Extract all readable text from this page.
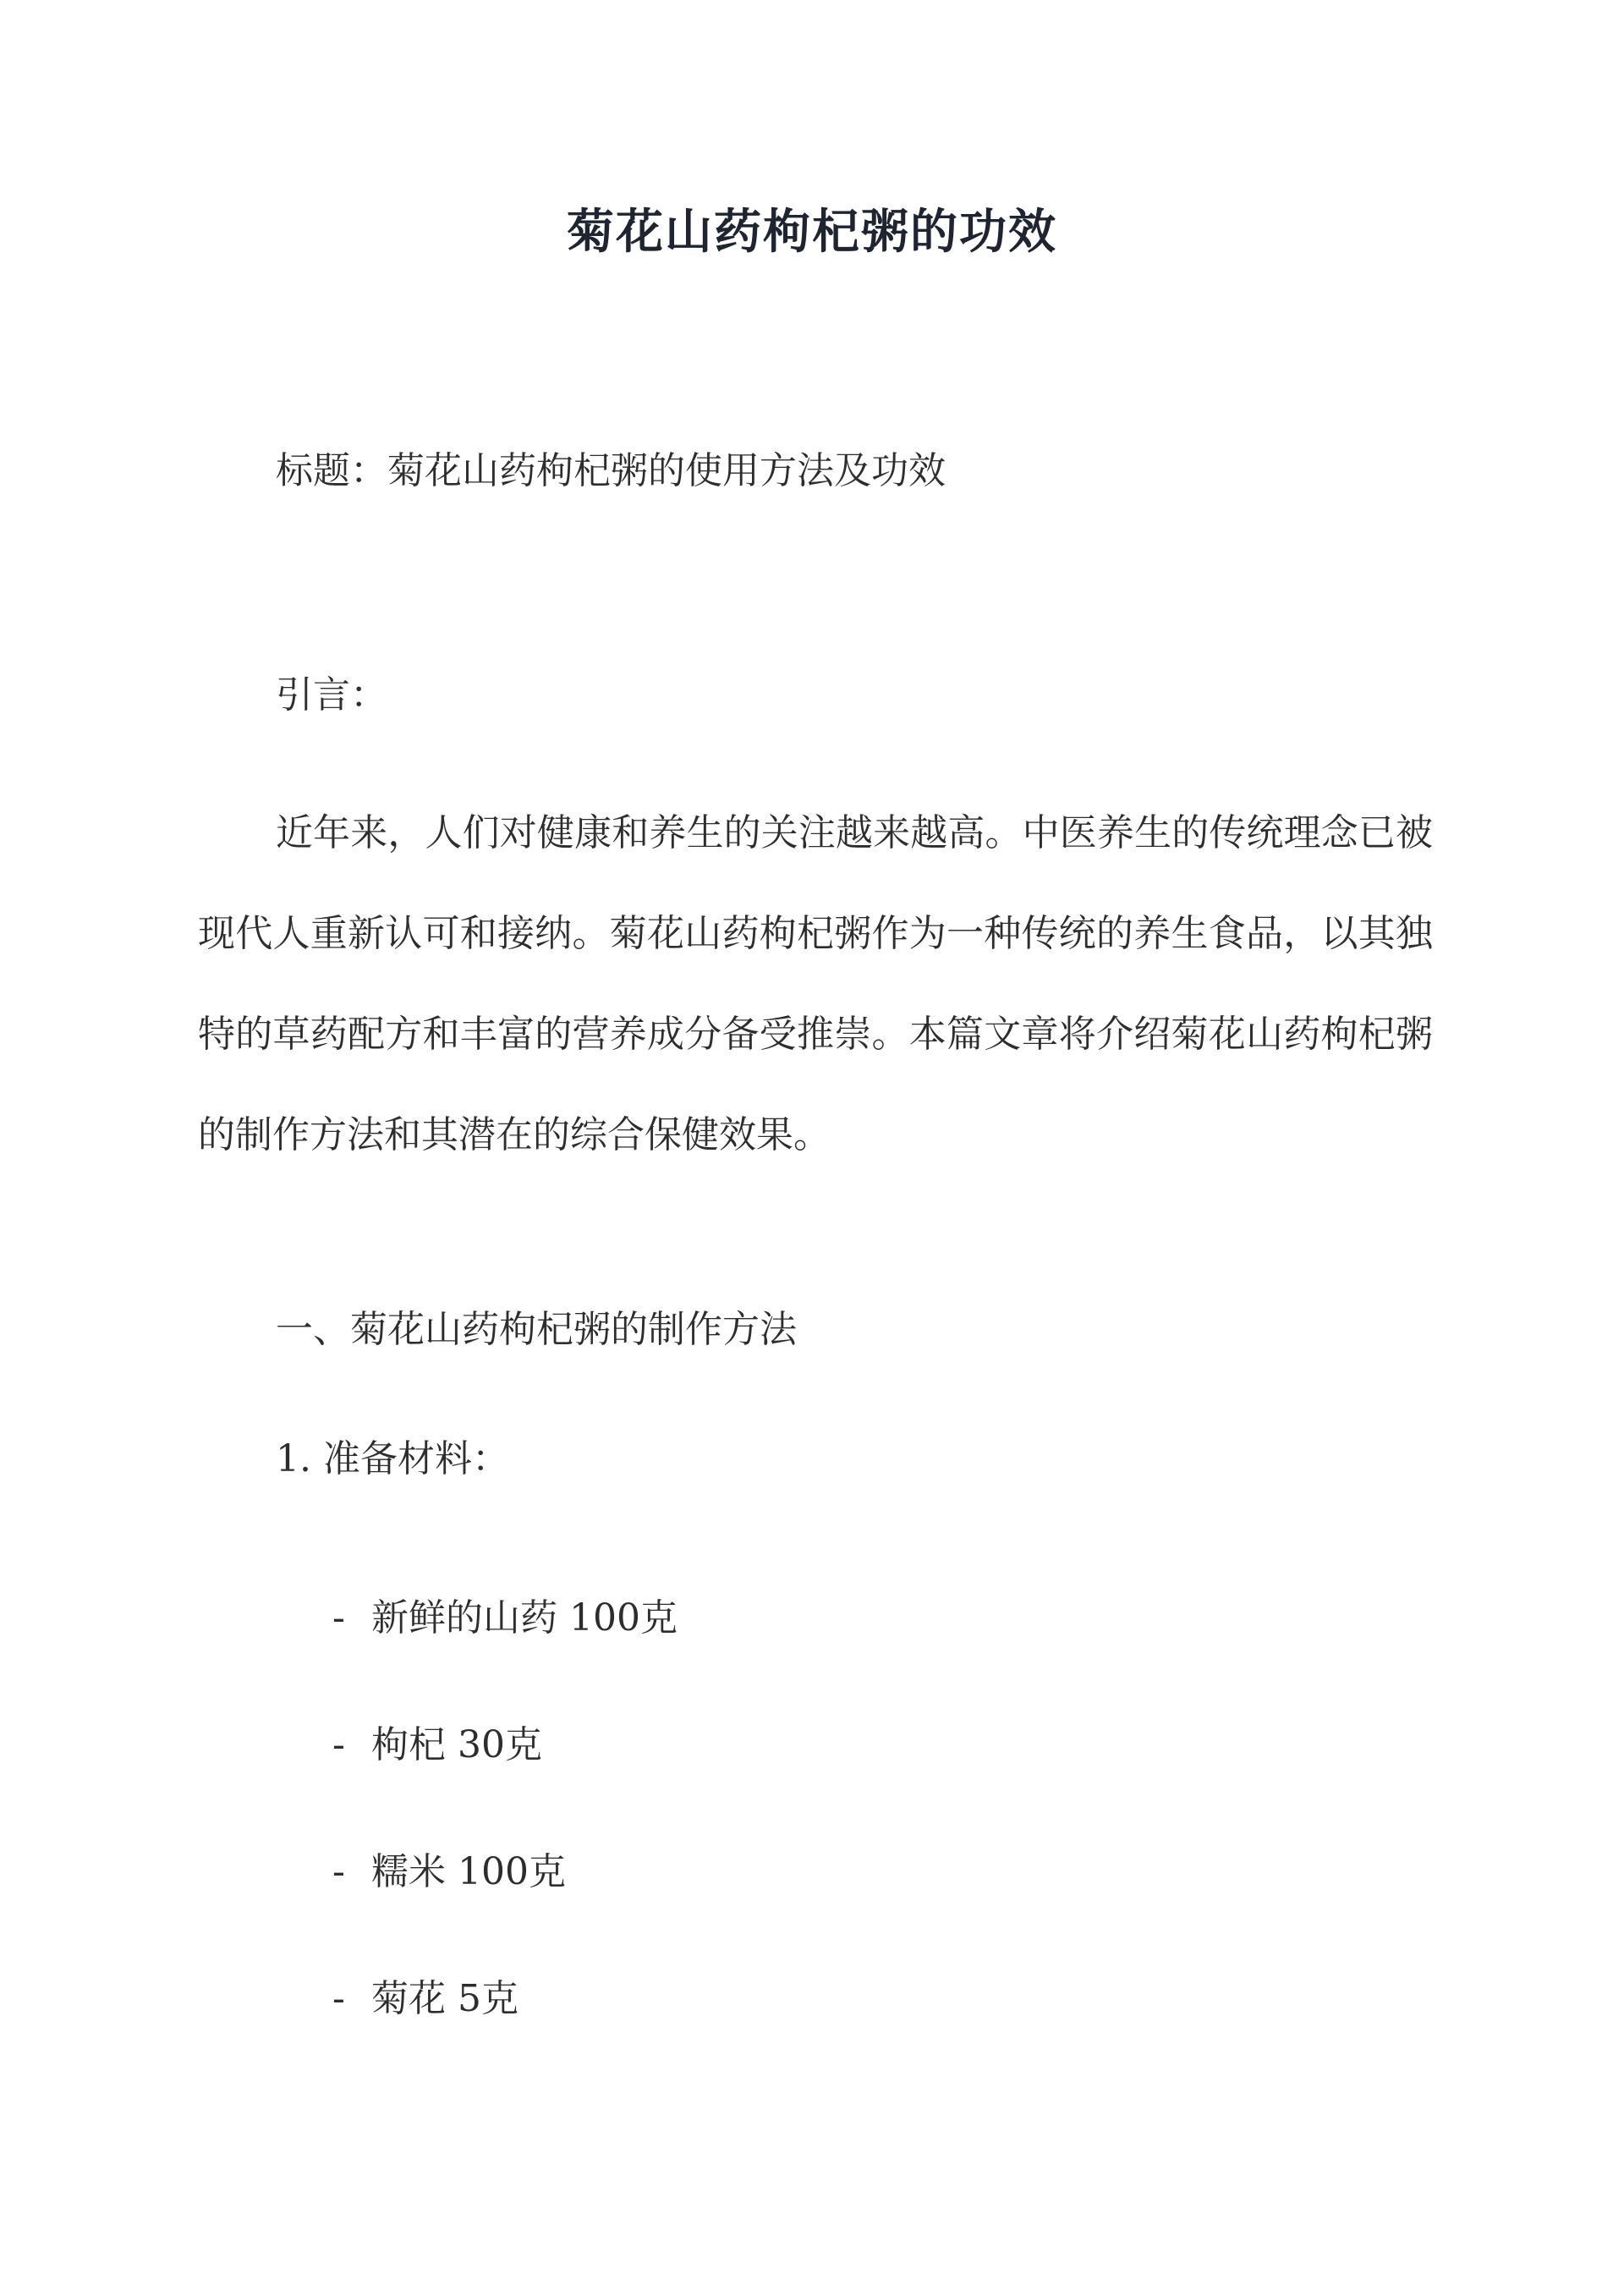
菊花山药枸杞粥的功效
标题：菊花山药枸杞粥的使用方法及功效
引言：
近年来，人们对健康和养生的关注越来越高。中医养生的传统理念已被现代人重新认可和接纳。菊花山药枸杞粥作为一种传统的养生食品，以其独特的草药配方和丰富的营养成分备受推崇。本篇文章将介绍菊花山药枸杞粥的制作方法和其潜在的综合保健效果。
一、菊花山药枸杞粥的制作方法
1. 准备材料：
- 新鲜的山药 100克
- 枸杞 30克
- 糯米 100克
- 菊花 5克
